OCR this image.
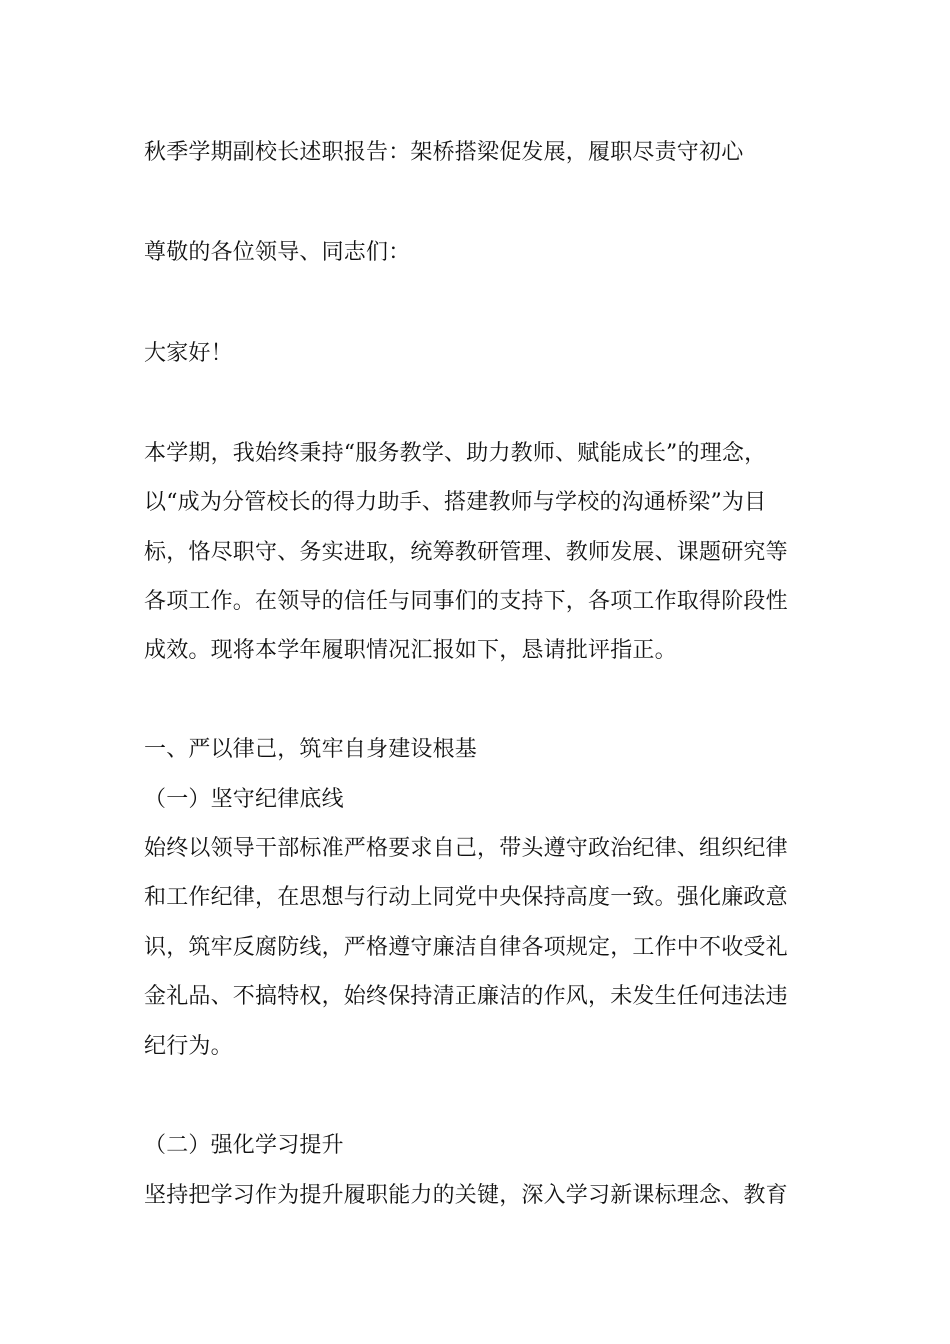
秋季学期副校长述职报告：架桥搭梁促发展，履职尽责守初心
尊敬的各位领导、同志们：
大家好！
本学期，我始终秉持“服务教学、助力教师、赋能成长”的理念，
以“成为分管校长的得力助手、搭建教师与学校的沟通桥梁”为目
标，恪尽职守、务实进取，统筹教研管理、教师发展、课题研究等
各项工作。在领导的信任与同事们的支持下，各项工作取得阶段性
成效。现将本学年履职情况汇报如下，恳请批评指正。
一、严以律己，筑牢自身建设根基
（一）坚守纪律底线
始终以领导干部标准严格要求自己，带头遵守政治纪律、组织纪律
和工作纪律，在思想与行动上同党中央保持高度一致。强化廉政意
识，筑牢反腐防线，严格遵守廉洁自律各项规定，工作中不收受礼
金礼品、不搞特权，始终保持清正廉洁的作风，未发生任何违法违
纪行为。
（二）强化学习提升
坚持把学习作为提升履职能力的关键，深入学习新课标理念、教育
